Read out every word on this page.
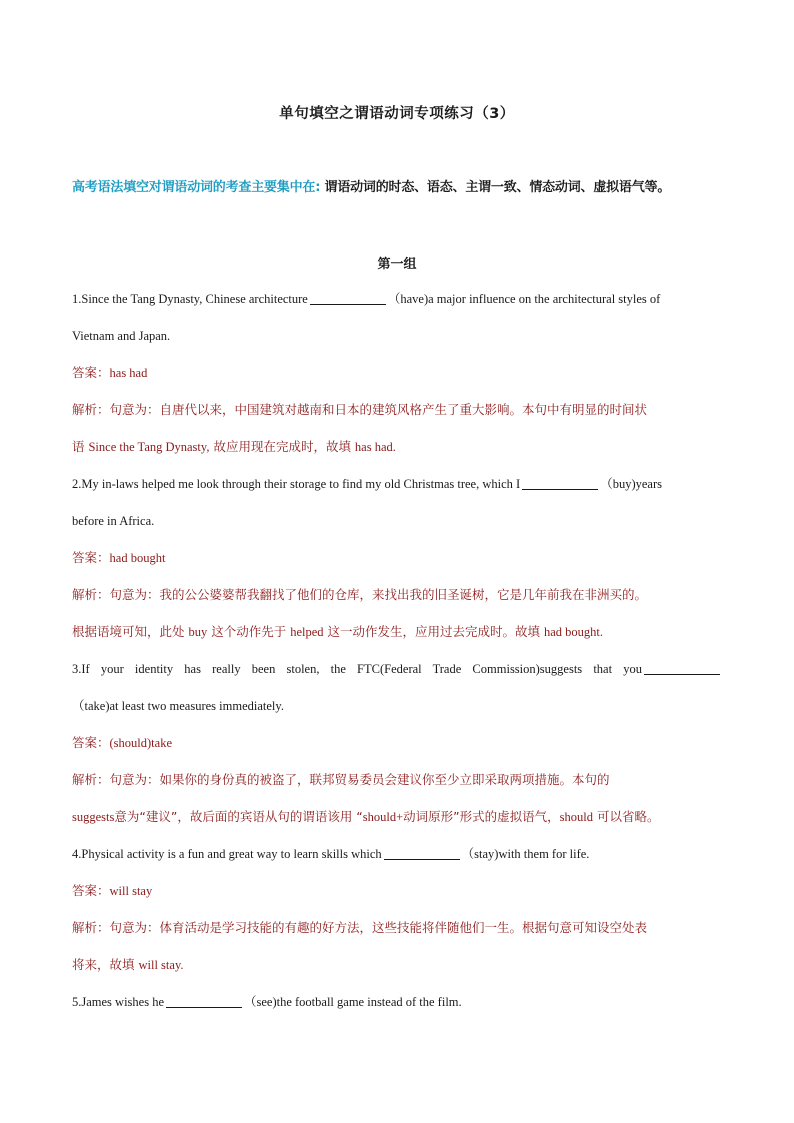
单句填空之谓语动词专项练习（3）
高考语法填空对谓语动词的考查主要集中在: 谓语动词的时态、语态、主谓一致、情态动词、虚拟语气等。
第一组
1.Since the Tang Dynasty, Chinese architecture	（have)a major influence on the architectural styles of
Vietnam and Japan.
答案：has had
解析：句意为：自唐代以来，中国建筑对越南和日本的建筑风格产生了重大影响。本句中有明显的时间状
语 Since the Tang Dynasty, 故应用现在完成时，故填 has had.
2.My in-laws helped me look through their storage to find my old Christmas tree, which I	（buy)years
before in Africa.
答案：had bought
解析：句意为：我的公公婆婆帮我翻找了他们的仓库，来找出我的旧圣诞树，它是几年前我在非洲买的。
根据语境可知，此处 buy 这个动作先于 helped 这一动作发生，应用过去完成时。故填 had bought.
3.If your identity has really been stolen, the FTC(Federal Trade Commission)suggests that you
（take)at least two measures immediately.
答案：(should)take
解析：句意为：如果你的身份真的被盗了，联邦贸易委员会建议你至少立即采取两项措施。本句的
suggests意为“建议”，故后面的宾语从句的谓语该用 “should+动词原形”形式的虚拟语气，should 可以省略。
4.Physical activity is a fun and great way to learn skills which	（stay)with them for life.
答案：will stay
解析：句意为：体育活动是学习技能的有趣的好方法，这些技能将伴随他们一生。根据句意可知设空处表
将来，故填 will stay.
5.James wishes he	（see)the football game instead of the film.
